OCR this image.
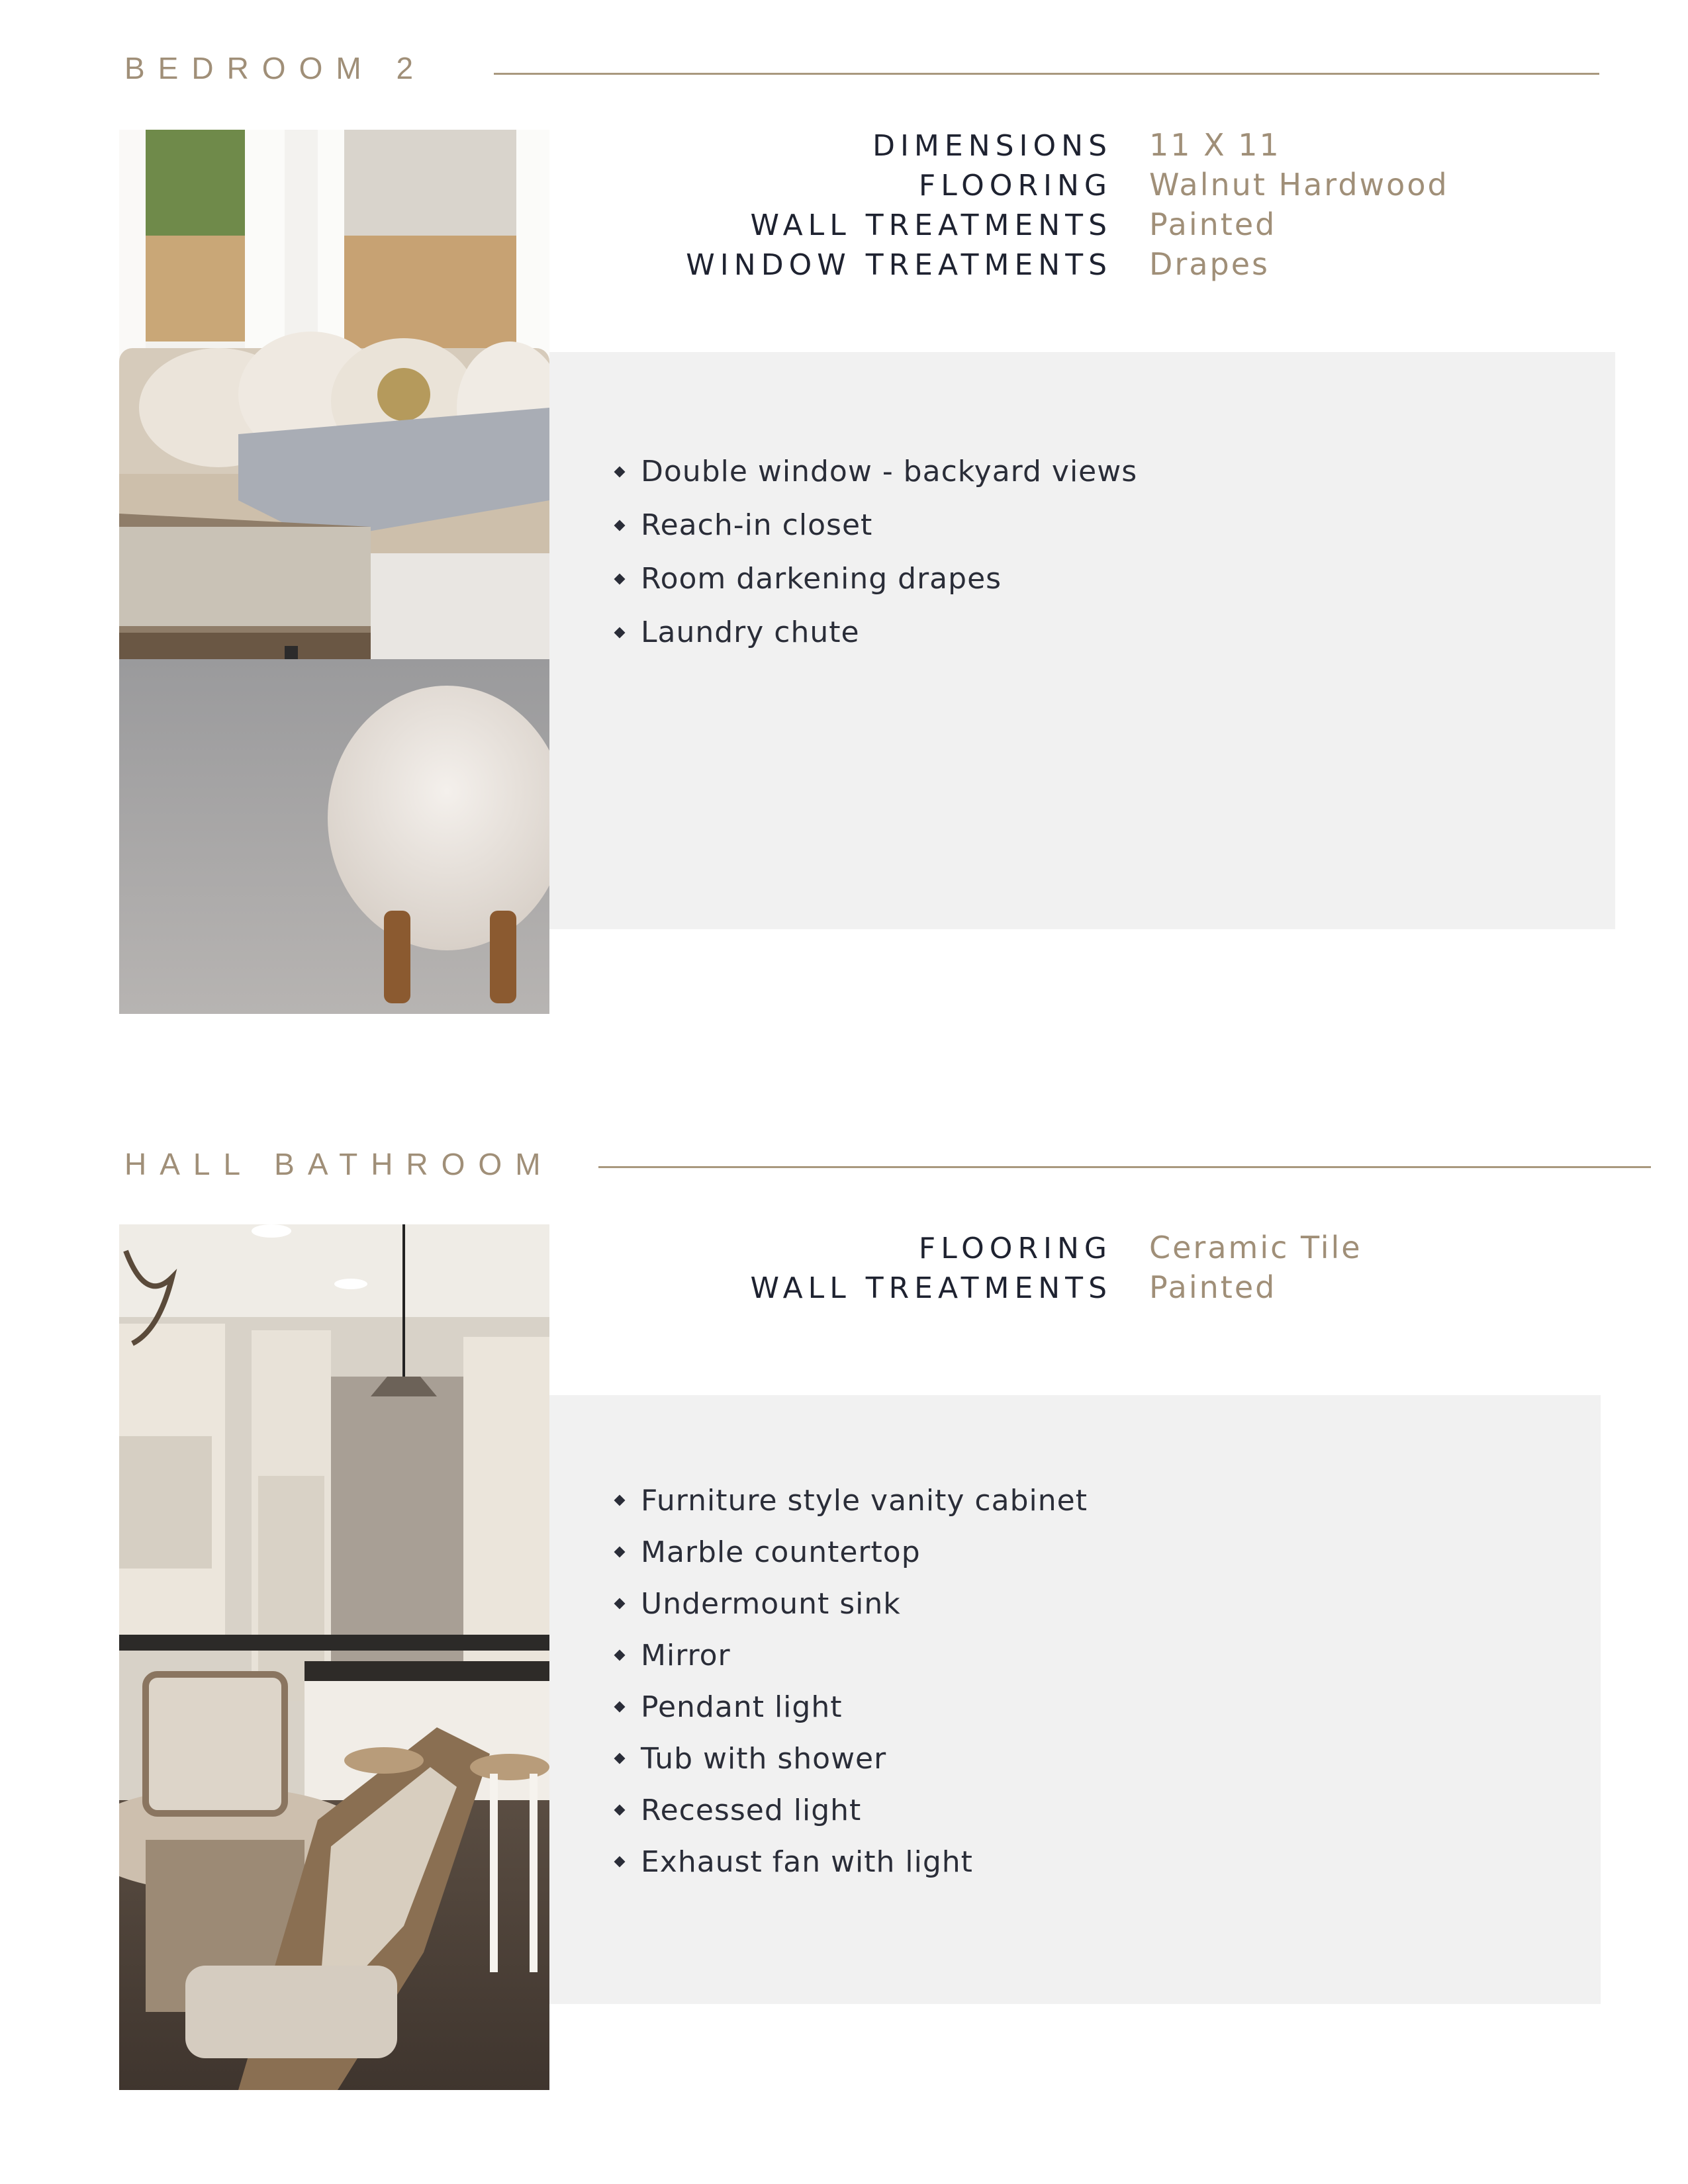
BEDROOM 2
DIMENSIONS 11 X 11
FLOORING Walnut Hardwood
WALL TREATMENTS Painted
WINDOW TREATMENTS Drapes
Double window - backyard views
Reach-in closet
Room darkening drapes
Laundry chute
HALL BATHROOM
FLOORING Ceramic Tile
WALL TREATMENTS Painted
Furniture style vanity cabinet
Marble countertop
Undermount sink
Mirror
Pendant light
Tub with shower
Recessed light
Exhaust fan with light
